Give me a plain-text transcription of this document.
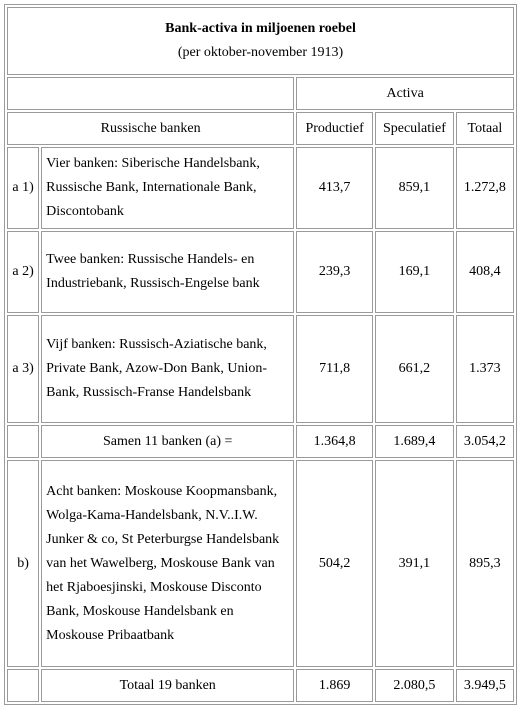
Bank-activa in miljoenen roebel
(per oktober-november 1913)				

		Activa		
Russische banken		Productief	Speculatief	Totaal
a 1)	Vier banken: Siberische Handelsbank, Russische Bank, Internationale Bank, Discontobank	413,7	859,1	1.272,8
a 2)	Twee banken: Russische Handels- en Industriebank, Russisch-Engelse bank	239,3	169,1	408,4
a 3)	Vijf banken: Russisch-Aziatische bank, Private Bank, Azow-Don Bank, Union-Bank, Russisch-Franse Handelsbank	711,8	661,2	1.373
	Samen 11 banken (a) =	1.364,8	1.689,4	3.054,2
b)	Acht banken: Moskouse Koopmansbank, Wolga-Kama-Handelsbank, N.V..I.W. Junker & co, St Peterburgse Handelsbank van het Wawelberg, Moskouse Bank van het Rjaboesjinski, Moskouse Disconto Bank, Moskouse Handelsbank en Moskouse Pribaatbank	504,2	391,1	895,3
	Totaal 19 banken	1.869	2.080,5	3.949,5
